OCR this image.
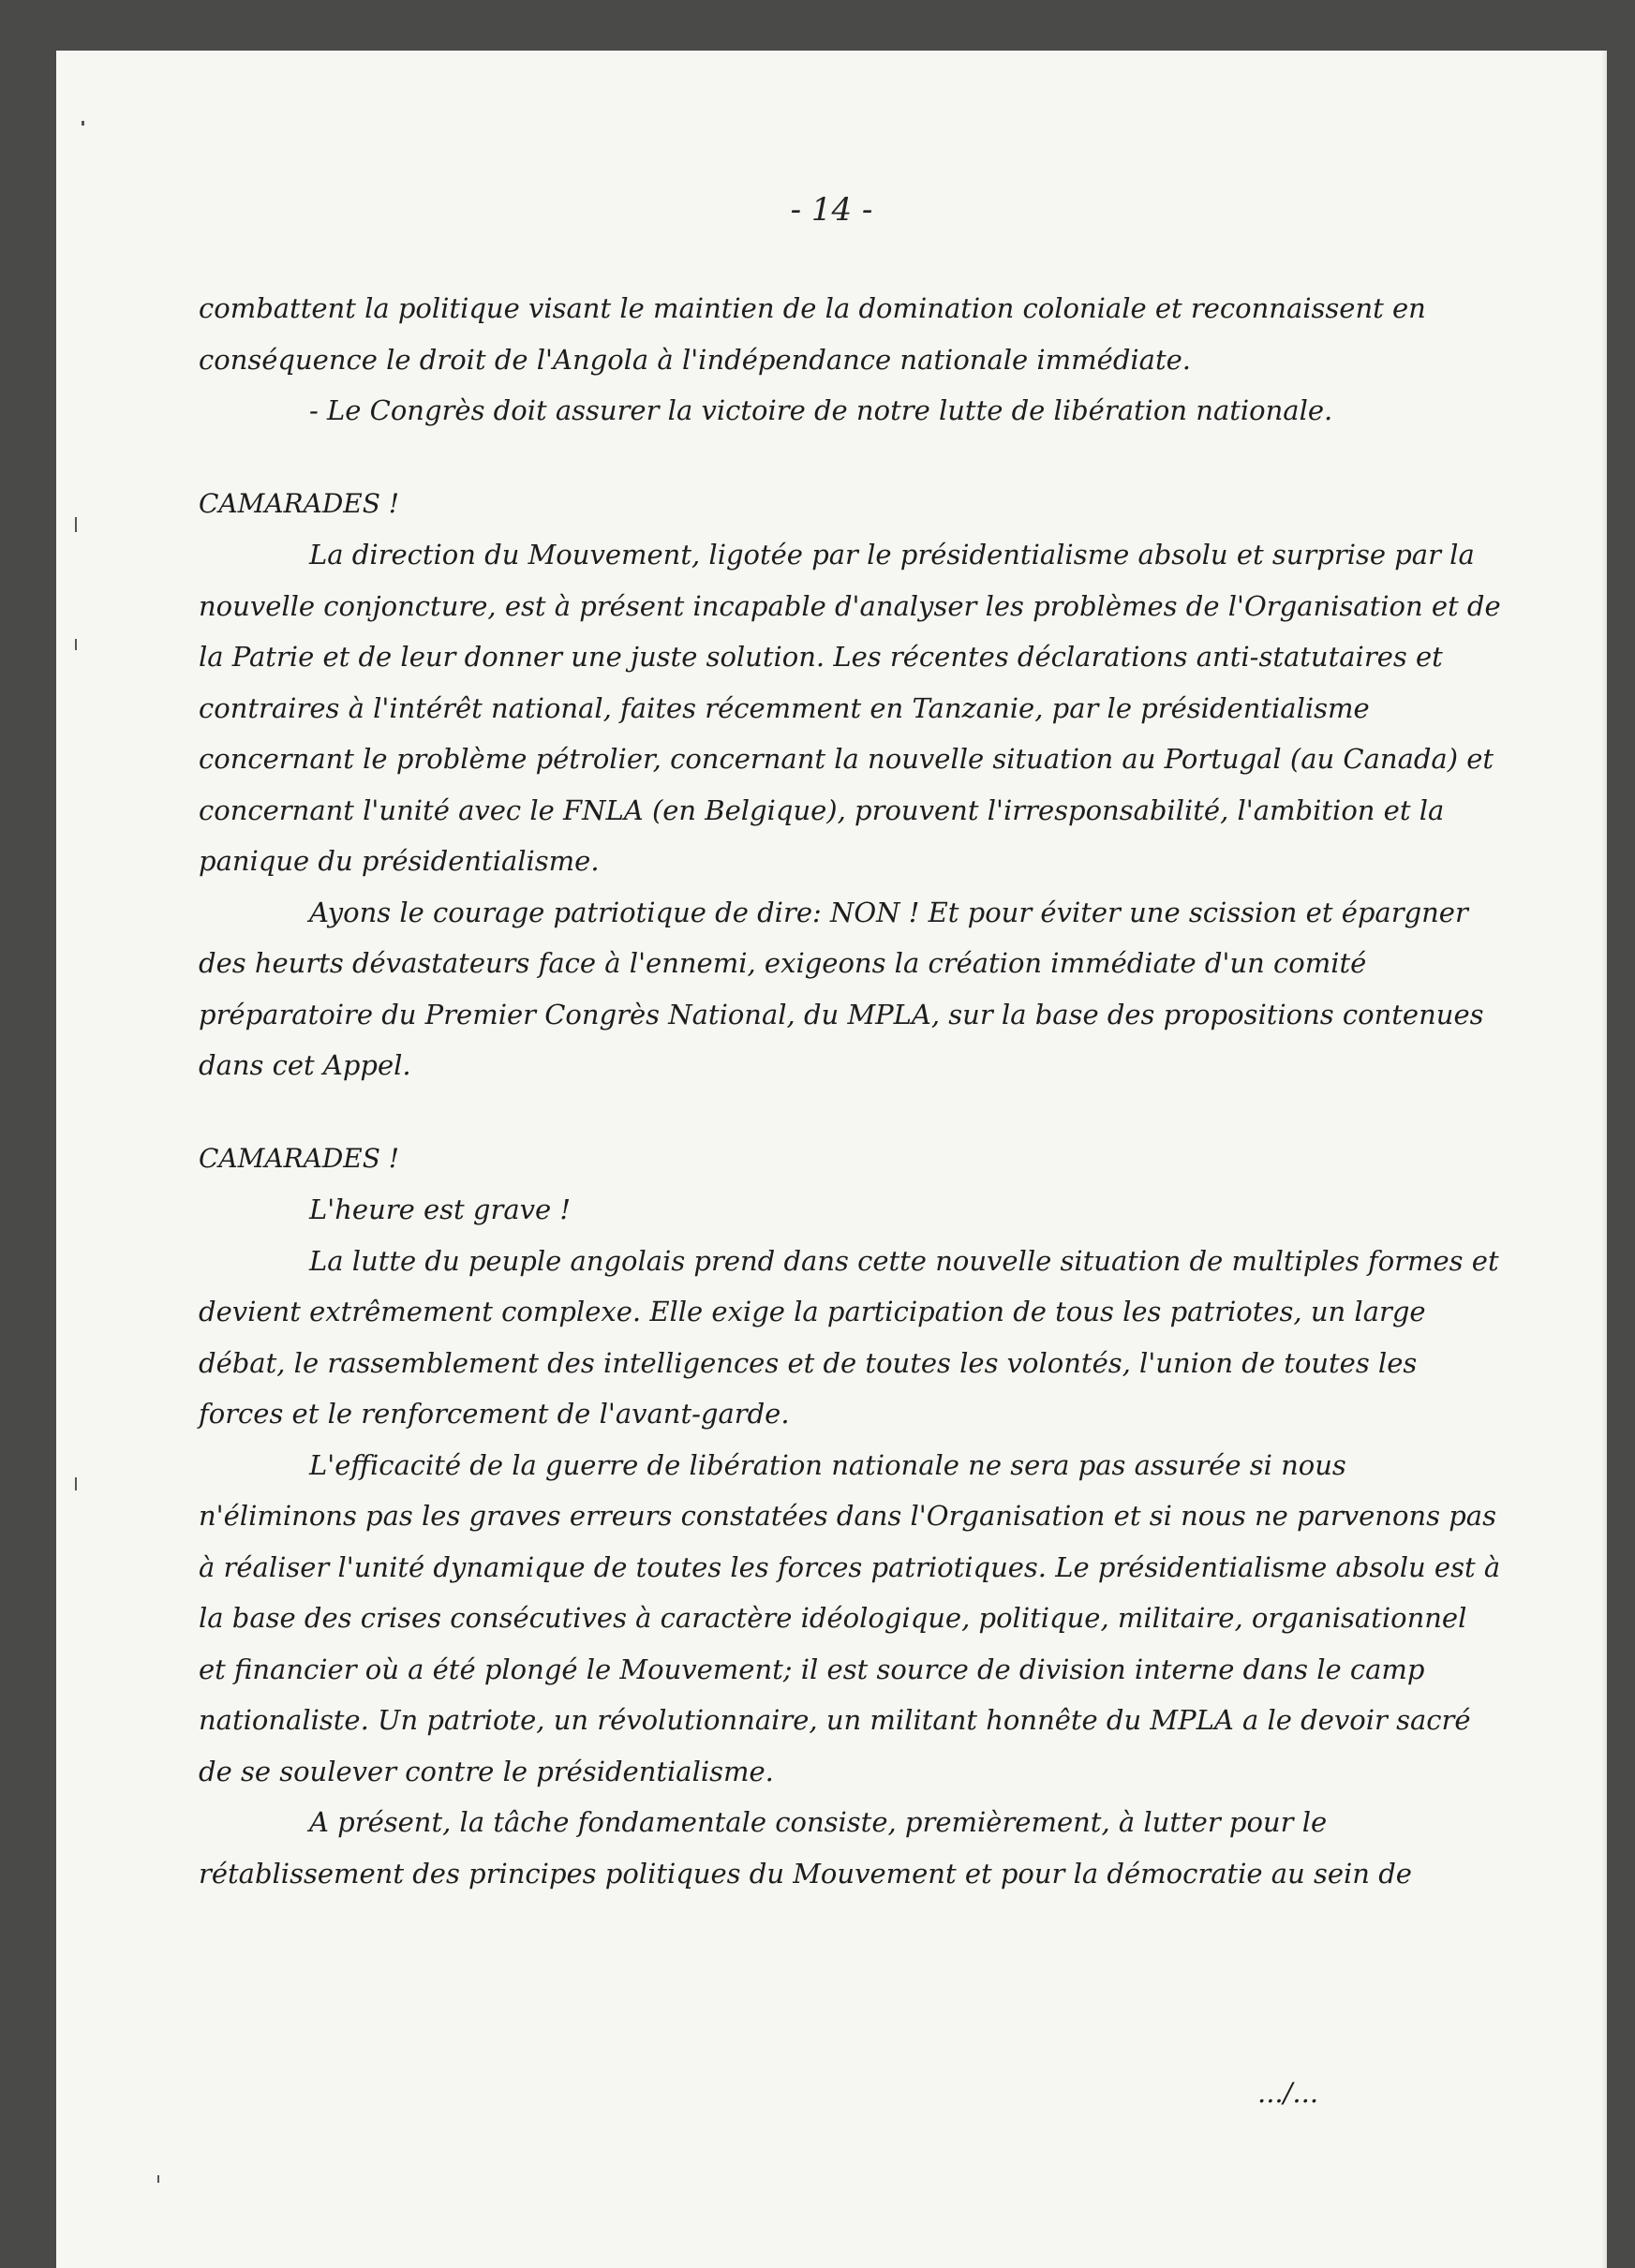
- 14 -

combattent la politique visant le maintien de la domination coloniale et reconnaissent en conséquence le droit de l'Angola à l'indépendance nationale immédiate.

- Le Congrès doit assurer la victoire de notre lutte de libération nationale.

CAMARADES !

La direction du Mouvement, ligotée par le présidentialisme absolu et surprise par la nouvelle conjoncture, est à présent incapable d'analyser les problèmes de l'Organisation et de la Patrie et de leur donner une juste solution. Les récentes déclarations anti-statutaires et contraires à l'intérêt national, faites récemment en Tanzanie, par le présidentialisme concernant le problème pétrolier, concernant la nouvelle situation au Portugal (au Canada) et concernant l'unité avec le FNLA (en Belgique), prouvent l'irresponsabilité, l'ambition et la panique du présidentialisme.

Ayons le courage patriotique de dire: NON ! Et pour éviter une scission et épargner des heurts dévastateurs face à l'ennemi, exigeons la création immédiate d'un comité préparatoire du Premier Congrès National, du MPLA, sur la base des propositions contenues dans cet Appel.

CAMARADES !

L'heure est grave !

La lutte du peuple angolais prend dans cette nouvelle situation de multiples formes et devient extrêmement complexe. Elle exige la participation de tous les patriotes, un large débat, le rassemblement des intelligences et de toutes les volontés, l'union de toutes les forces et le renforcement de l'avant-garde.

L'efficacité de la guerre de libération nationale ne sera pas assurée si nous n'éliminons pas les graves erreurs constatées dans l'Organisation et si nous ne parvenons pas à réaliser l'unité dynamique de toutes les forces patriotiques. Le présidentialisme absolu est à la base des crises consécutives à caractère idéologique, politique, militaire, organisationnel et financier où a été plongé le Mouvement; il est source de division interne dans le camp nationaliste. Un patriote, un révolutionnaire, un militant honnête du MPLA a le devoir sacré de se soulever contre le présidentialisme.

A présent, la tâche fondamentale consiste, premièrement, à lutter pour le rétablissement des principes politiques du Mouvement et pour la démocratie au sein de

.../...
